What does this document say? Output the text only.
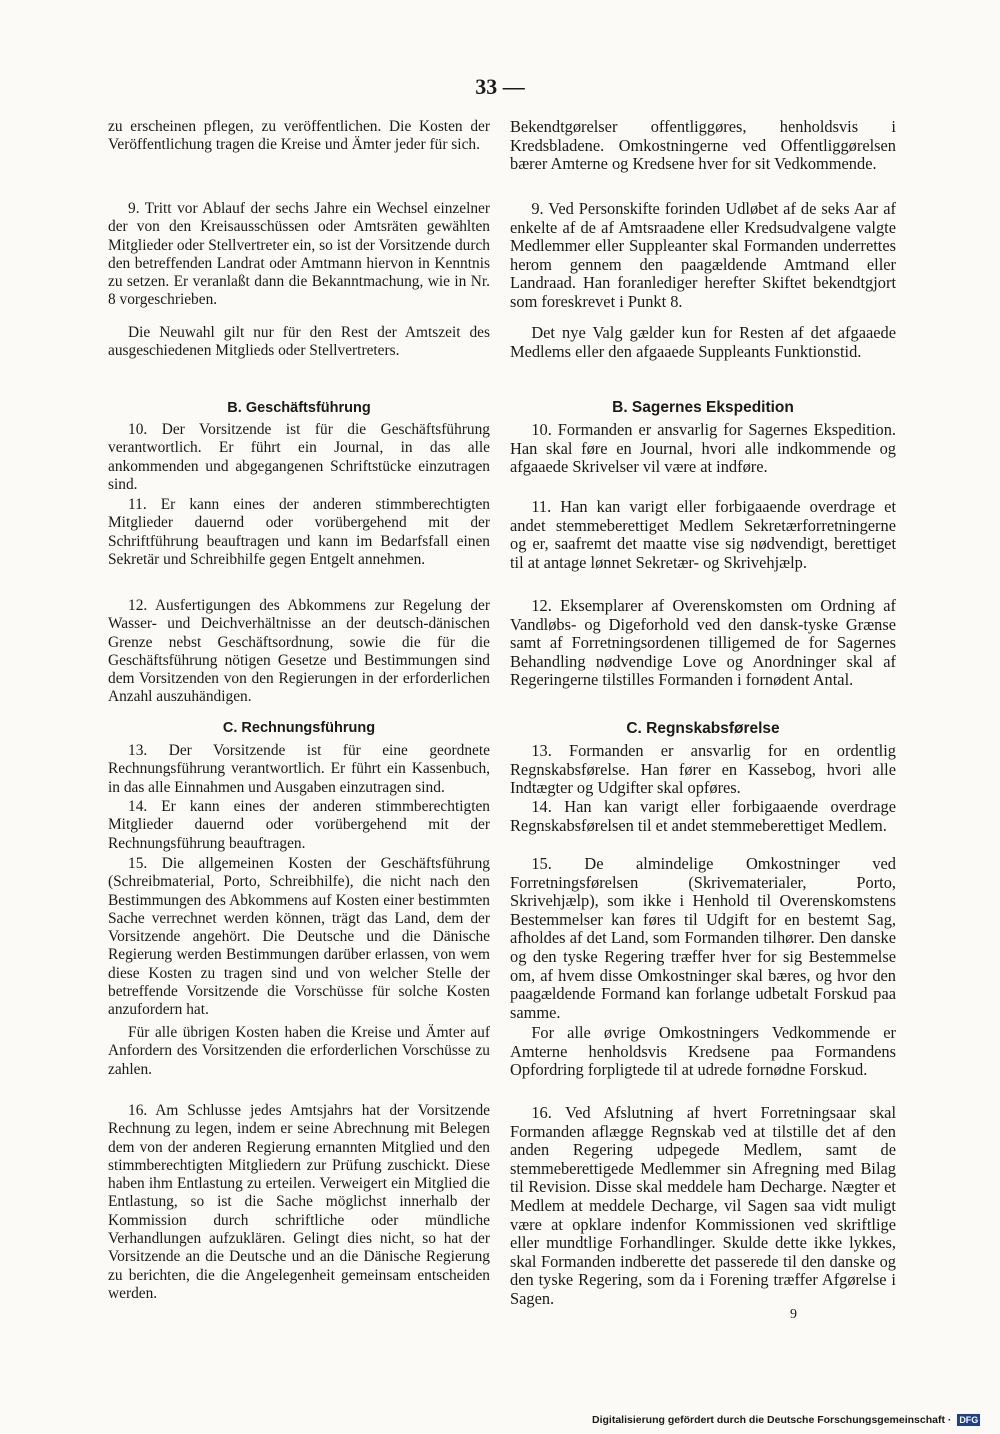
33 —

zu erscheinen pflegen, zu veröffentlichen. Die Kosten der Veröffentlichung tragen die Kreise und Ämter jeder für sich.

9. Tritt vor Ablauf der sechs Jahre ein Wechsel einzelner der von den Kreisausschüssen oder Amtsräten gewählten Mitglieder oder Stellvertreter ein, so ist der Vorsitzende durch den betreffenden Landrat oder Amtmann hiervon in Kenntnis zu setzen. Er veranlaßt dann die Bekanntmachung, wie in Nr. 8 vorgeschrieben.

Die Neuwahl gilt nur für den Rest der Amtszeit des ausgeschiedenen Mitglieds oder Stellvertreters.

B. Geschäftsführung

10. Der Vorsitzende ist für die Geschäftsführung verantwortlich. Er führt ein Journal, in das alle ankommenden und abgegangenen Schriftstücke einzutragen sind.

11. Er kann eines der anderen stimmberechtigten Mitglieder dauernd oder vorübergehend mit der Schriftführung beauftragen und kann im Bedarfsfall einen Sekretär und Schreibhilfe gegen Entgelt annehmen.

12. Ausfertigungen des Abkommens zur Regelung der Wasser- und Deichverhältnisse an der deutsch-dänischen Grenze nebst Geschäftsordnung, sowie die für die Geschäftsführung nötigen Gesetze und Bestimmungen sind dem Vorsitzenden von den Regierungen in der erforderlichen Anzahl auszuhändigen.

C. Rechnungsführung

13. Der Vorsitzende ist für eine geordnete Rechnungsführung verantwortlich. Er führt ein Kassenbuch, in das alle Einnahmen und Ausgaben einzutragen sind.

14. Er kann eines der anderen stimmberechtigten Mitglieder dauernd oder vorübergehend mit der Rechnungsführung beauftragen.

15. Die allgemeinen Kosten der Geschäftsführung (Schreibmaterial, Porto, Schreibhilfe), die nicht nach den Bestimmungen des Abkommens auf Kosten einer bestimmten Sache verrechnet werden können, trägt das Land, dem der Vorsitzende angehört. Die Deutsche und die Dänische Regierung werden Bestimmungen darüber erlassen, von wem diese Kosten zu tragen sind und von welcher Stelle der betreffende Vorsitzende die Vorschüsse für solche Kosten anzufordern hat.

Für alle übrigen Kosten haben die Kreise und Ämter auf Anfordern des Vorsitzenden die erforderlichen Vorschüsse zu zahlen.

16. Am Schlusse jedes Amtsjahrs hat der Vorsitzende Rechnung zu legen, indem er seine Abrechnung mit Belegen dem von der anderen Regierung ernannten Mitglied und den stimmberechtigten Mitgliedern zur Prüfung zuschickt. Diese haben ihm Entlastung zu erteilen. Verweigert ein Mitglied die Entlastung, so ist die Sache möglichst innerhalb der Kommission durch schriftliche oder mündliche Verhandlungen aufzuklären. Gelingt dies nicht, so hat der Vorsitzende an die Deutsche und an die Dänische Regierung zu berichten, die die Angelegenheit gemeinsam entscheiden werden.

Bekendtgørelser offentliggøres, henholdsvis i Kredsbladene. Omkostningerne ved Offentliggørelsen bærer Amterne og Kredsene hver for sit Vedkommende.

9. Ved Personskifte forinden Udløbet af de seks Aar af enkelte af de af Amtsraadene eller Kredsudvalgene valgte Medlemmer eller Suppleanter skal Formanden underrettes herom gennem den paagældende Amtmand eller Landraad. Han foranlediger herefter Skiftet bekendtgjort som foreskrevet i Punkt 8.

Det nye Valg gælder kun for Resten af det afgaaede Medlems eller den afgaaede Suppleants Funktionstid.

B. Sagernes Ekspedition

10. Formanden er ansvarlig for Sagernes Ekspedition. Han skal føre en Journal, hvori alle indkommende og afgaaede Skrivelser vil være at indføre.

11. Han kan varigt eller forbigaaende overdrage et andet stemmeberettiget Medlem Sekretærforretningerne og er, saafremt det maatte vise sig nødvendigt, berettiget til at antage lønnet Sekretær- og Skrivehjælp.

12. Eksemplarer af Overenskomsten om Ordning af Vandløbs- og Digeforhold ved den dansk-tyske Grænse samt af Forretningsordenen tilligemed de for Sagernes Behandling nødvendige Love og Anordninger skal af Regeringerne tilstilles Formanden i fornødent Antal.

C. Regnskabsførelse

13. Formanden er ansvarlig for en ordentlig Regnskabsførelse. Han fører en Kassebog, hvori alle Indtægter og Udgifter skal opføres.

14. Han kan varigt eller forbigaaende overdrage Regnskabsførelsen til et andet stemmeberettiget Medlem.

15. De almindelige Omkostninger ved Forretningsførelsen (Skrivematerialer, Porto, Skrivehjælp), som ikke i Henhold til Overenskomstens Bestemmelser kan føres til Udgift for en bestemt Sag, afholdes af det Land, som Formanden tilhører. Den danske og den tyske Regering træffer hver for sig Bestemmelse om, af hvem disse Omkostninger skal bæres, og hvor den paagældende Formand kan forlange udbetalt Forskud paa samme.

For alle øvrige Omkostningers Vedkommende er Amterne henholdsvis Kredsene paa Formandens Opfordring forpligtede til at udrede fornødne Forskud.

16. Ved Afslutning af hvert Forretningsaar skal Formanden aflægge Regnskab ved at tilstille det af den anden Regering udpegede Medlem, samt de stemmeberettigede Medlemmer sin Afregning med Bilag til Revision. Disse skal meddele ham Decharge. Nægter et Medlem at meddele Decharge, vil Sagen saa vidt muligt være at opklare indenfor Kommissionen ved skriftlige eller mundtlige Forhandlinger. Skulde dette ikke lykkes, skal Formanden indberette det passerede til den danske og den tyske Regering, som da i Forening træffer Afgørelse i Sagen.

9
Digitalisierung gefördert durch die Deutsche Forschungsgemeinschaft · DFG
